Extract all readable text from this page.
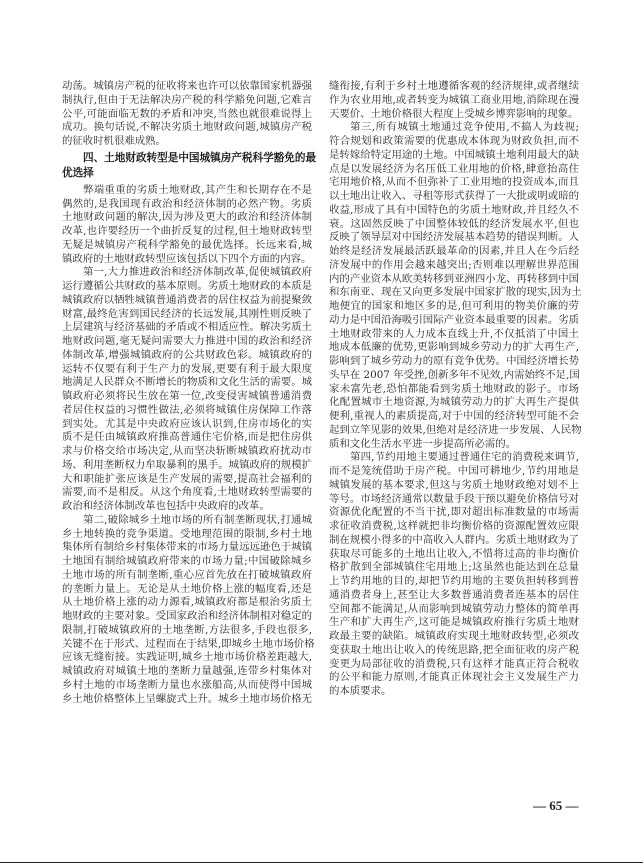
动荡。城镇房产税的征收将来也许可以依靠国家机器强
制执行,但由于无法解决房产税的科学豁免问题,它难言
公平,可能面临无数的矛盾和冲突,当然也就很难说得上
成功。换句话说,不解决劣质土地财政问题,城镇房产税
的征收时机很难成熟。
四、土地财政转型是中国城镇房产税科学豁免的最
优选择
弊端重重的劣质土地财政,其产生和长期存在不是
偶然的,是我国现有政治和经济体制的必然产物。劣质
土地财政问题的解决,因为涉及更大的政治和经济体制
改革,也许要经历一个曲折反复的过程,但土地财政转型
无疑是城镇房产税科学豁免的最优选择。长远来看,城
镇政府的土地财政转型应该包括以下四个方面的内容。
第一,大力推进政治和经济体制改革,促使城镇政府
运行遵循公共财政的基本原则。劣质土地财政的本质是
城镇政府以牺牲城镇普通消费者的居住权益为前提聚敛
财富,最终危害到国民经济的长远发展,其刚性则反映了
上层建筑与经济基础的矛盾或不相适应性。解决劣质土
地财政问题,毫无疑问需要大力推进中国的政治和经济
体制改革,增强城镇政府的公共财政色彩。城镇政府的
运转不仅要有利于生产力的发展,更要有利于最大限度
地满足人民群众不断增长的物质和文化生活的需要。城
镇政府必须将民生放在第一位,改变侵害城镇普通消费
者居住权益的习惯性做法,必须将城镇住房保障工作落
到实处。尤其是中央政府应该认识到,住房市场化的实
质不是任由城镇政府推高普通住宅价格,而是把住房供
求与价格交给市场决定,从而坚决斩断城镇政府扰动市
场、利用垄断权力牟取暴利的黑手。城镇政府的规模扩
大和职能扩张应该是生产发展的需要,提高社会福利的
需要,而不是相反。从这个角度看,土地财政转型需要的
政治和经济体制改革也包括中央政府的改革。
第二,破除城乡土地市场的所有制垄断现状,打通城
乡土地转换的竞争渠道。受地理范围的限制,乡村土地
集体所有制给乡村集体带来的市场力量远远逊色于城镇
土地国有制给城镇政府带来的市场力量;中国破除城乡
土地市场的所有制垄断,重心应首先放在打破城镇政府
的垄断力量上。无论是从土地价格上涨的幅度看,还是
从土地价格上涨的动力源看,城镇政府都是根治劣质土
地财政的主要对象。受国家政治和经济体制相对稳定的
限制,打破城镇政府的土地垄断,方法很多,手段也很多,
关键不在于形式、过程而在于结果,即城乡土地市场价格
应该无缝衔接。实践证明,城乡土地市场价格差距越大,
城镇政府对城镇土地的垄断力量越强,连带乡村集体对
乡村土地的市场垄断力量也水涨船高,从而使得中国城
乡土地价格整体上呈螺旋式上升。城乡土地市场价格无
缝衔接,有利于乡村土地遵循客观的经济规律,或者继续
作为农业用地,或者转变为城镇工商业用地,消除现在漫
天要价、土地价格很大程度上受城乡博弈影响的现象。
第三,所有城镇土地通过竞争使用,不搞人为歧视;
符合规划和政策需要的优惠成本体现为财政负担,而不
是转嫁给特定用途的土地。中国城镇土地利用最大的缺
点是以发展经济为名压低工业用地的价格,肆意抬高住
宅用地价格,从而不但弥补了工业用地的投资成本,而且
以土地出让收入、寻租等形式获得了一大批或明或暗的
收益,形成了具有中国特色的劣质土地财政,并且经久不
衰。这固然反映了中国整体较低的经济发展水平,但也
反映了领导层对中国经济发展基本趋势的错误判断。人
始终是经济发展最活跃最革命的因素,并且人在今后经
济发展中的作用会越来越突出;否则难以理解世界范围
内的产业资本从欧美转移到亚洲四小龙、再转移到中国
和东南亚、现在又向更多发展中国家扩散的现实,因为土
地便宜的国家和地区多的是,但可利用的物美价廉的劳
动力是中国沿海吸引国际产业资本最重要的因素。劣质
土地财政带来的人力成本直线上升,不仅抵消了中国土
地成本低廉的优势,更影响到城乡劳动力的扩大再生产,
影响到了城乡劳动力的原有竞争优势。中国经济增长势
头早在 2007 年受挫,创新多年不见效,内需始终不足,国
家未富先老,恐怕都能看到劣质土地财政的影子。市场
化配置城市土地资源,为城镇劳动力的扩大再生产提供
便利,重视人的素质提高,对于中国的经济转型可能不会
起到立竿见影的效果,但绝对是经济进一步发展、人民物
质和文化生活水平进一步提高所必需的。
第四,节约用地主要通过普通住宅的消费税来调节,
而不是笼统借助于房产税。中国可耕地少,节约用地是
城镇发展的基本要求,但这与劣质土地财政绝对划不上
等号。市场经济通常以数量手段干预以避免价格信号对
资源优化配置的不当干扰,即对超出标准数量的市场需
求征收消费税,这样就把非均衡价格的资源配置效应限
制在规模小得多的中高收入人群内。劣质土地财政为了
获取尽可能多的土地出让收入,不惜将过高的非均衡价
格扩散到全部城镇住宅用地上;这虽然也能达到在总量
上节约用地的目的,却把节约用地的主要负担转移到普
通消费者身上,甚至让大多数普通消费者连基本的居住
空间都不能满足,从而影响到城镇劳动力整体的简单再
生产和扩大再生产,这可能是城镇政府推行劣质土地财
政最主要的缺陷。城镇政府实现土地财政转型,必须改
变获取土地出让收入的传统思路,把全面征收的房产税
变更为局部征收的消费税,只有这样才能真正符合税收
的公平和能力原则,才能真正体现社会主义发展生产力
的本质要求。
— 65 —
